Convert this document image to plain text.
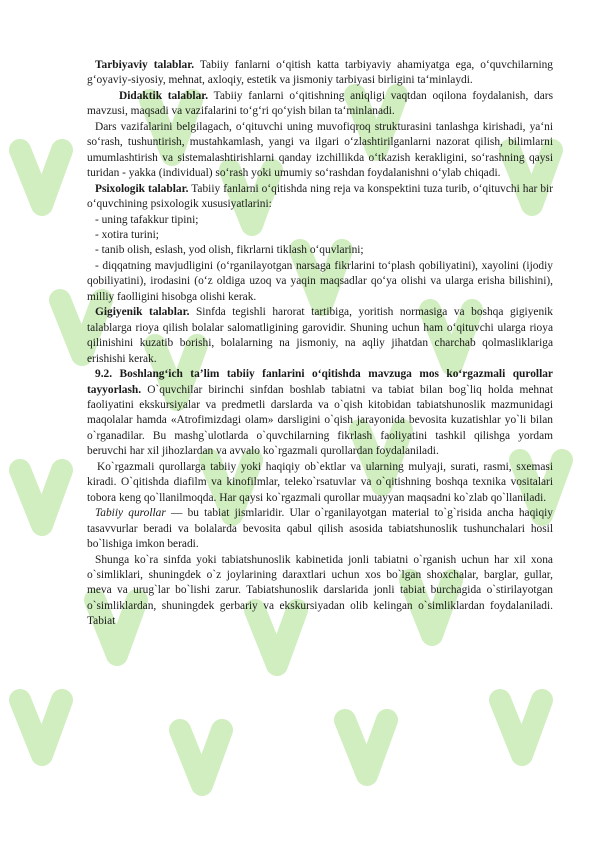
Tarbiyaviy talablar. Tabiiy fanlarni o‘qitish katta tarbiyaviy ahamiyatga ega, o‘quvchilarning g‘oyaviy-siyosiy, mehnat, axloqiy, estetik va jismoniy tarbiyasi birligini ta‘minlaydi.

Didaktik talablar. Tabiiy fanlarni o‘qitishning aniqligi vaqtdan oqilona foydalanish, dars mavzusi, maqsadi va vazifalarini to‘g‘ri qo‘yish bilan ta‘minlanadi.

Dars vazifalarini belgilagach, o‘qituvchi uning muvofiqroq strukturasini tanlashga kirishadi, ya‘ni so‘rash, tushuntirish, mustahkamlash, yangi va ilgari o‘zlashtirilganlarni nazorat qilish, bilimlarni umumlashtirish va sistemalashtirishlarni qanday izchillikda o‘tkazish kerakligini, so‘rashning qaysi turidan - yakka (individual) so‘rash yoki umumiy so‘rashdan foydalanishni o‘ylab chiqadi.

Psixologik talablar. Tabiiy fanlarni o‘qitishda ning reja va konspektini tuza turib, o‘qituvchi har bir o‘quvchining psixologik xususiyatlarini:

- uning tafakkur tipini;

- xotira turini;

- tanib olish, eslash, yod olish, fikrlarni tiklash o‘quvlarini;

- diqqatning mavjudligini (o‘rganilayotgan narsaga fikrlarini to‘plash qobiliyatini), xayolini (ijodiy qobiliyatini), irodasini (o‘z oldiga uzoq va yaqin maqsadlar qo‘ya olishi va ularga erisha bilishini), milliy faolligini hisobga olishi kerak.

Gigiyenik talablar. Sinfda tegishli harorat tartibiga, yoritish normasiga va boshqa gigiyenik talablarga rioya qilish bolalar salomatligining garovidir. Shuning uchun ham o‘qituvchi ularga rioya qilinishini kuzatib borishi, bolalarning na jismoniy, na aqliy jihatdan charchab qolmasliklariga erishishi kerak.

9.2. Boshlang‘ich ta’lim tabiiy fanlarini o‘qitishda mavzuga mos ko‘rgazmali qurollar tayyorlash. O`quvchilar birinchi sinfdan boshlab tabiatni va tabiat bilan bog`liq holda mehnat faoliyatini ekskursiyalar va predmetli darslarda va o`qish kitobidan tabiatshunoslik mazmunidagi maqolalar hamda «Atrofimizdagi olam» darsligini o`qish jarayonida bevosita kuzatishlar yo`li bilan o`rganadilar. Bu mashg`ulotlarda o`quvchilarning fikrlash faoliyatini tashkil qilishga yordam beruvchi har xil jihozlardan va avvalo ko`rgazmali qurollardan foydalaniladi.

Ko`rgazmali qurollarga tabiiy yoki haqiqiy ob`ektlar va ularning mulyaji, surati, rasmi, sxemasi kiradi. O`qitishda diafilm va kinofilmlar, teleko`rsatuvlar va o`qitishning boshqa texnika vositalari tobora keng qo`llanilmoqda. Har qaysi ko`rgazmali qurollar muayyan maqsadni ko`zlab qo`llaniladi.

Tabiiy qurollar — bu tabiat jismlaridir. Ular o`rganilayotgan material to`g`risida ancha haqiqiy tasavvurlar beradi va bolalarda bevosita qabul qilish asosida tabiatshunoslik tushunchalari hosil bo`lishiga imkon beradi.

Shunga ko`ra sinfda yoki tabiatshunoslik kabinetida jonli tabiatni o`rganish uchun har xil xona o`simliklari, shuningdek o`z joylarining daraxtlari uchun xos bo`lgan shoxchalar, barglar, gullar, meva va urug`lar bo`lishi zarur. Tabiatshunoslik darslarida jonli tabiat burchagida o`stirilayotgan o`simliklardan, shuningdek gerbariy va ekskursiyadan olib kelingan o`simliklardan foydalaniladi. Tabiat
